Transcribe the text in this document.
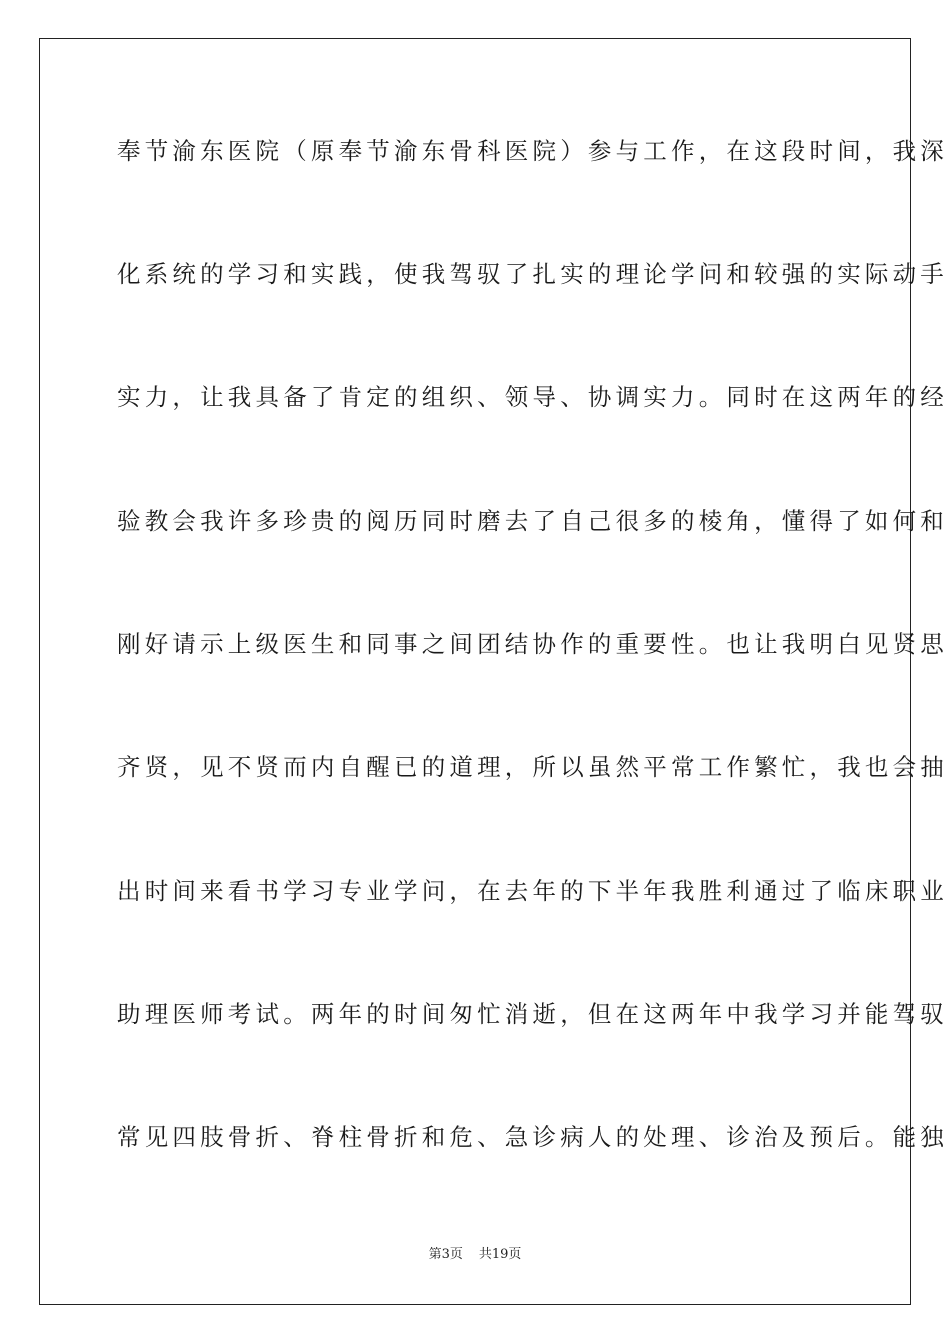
奉节渝东医院（原奉节渝东骨科医院）参与工作，在这段时间，我深
化系统的学习和实践，使我驾驭了扎实的理论学问和较强的实际动手
实力，让我具备了肯定的组织、领导、协调实力。同时在这两年的经
验教会我许多珍贵的阅历同时磨去了自己很多的棱角，懂得了如何和
刚好请示上级医生和同事之间团结协作的重要性。也让我明白见贤思
齐贤，见不贤而内自醒已的道理，所以虽然平常工作繁忙，我也会抽
出时间来看书学习专业学问，在去年的下半年我胜利通过了临床职业
助理医师考试。两年的时间匆忙消逝，但在这两年中我学习并能驾驭
常见四肢骨折、脊柱骨折和危、急诊病人的处理、诊治及预后。能独
第3页 共19页
